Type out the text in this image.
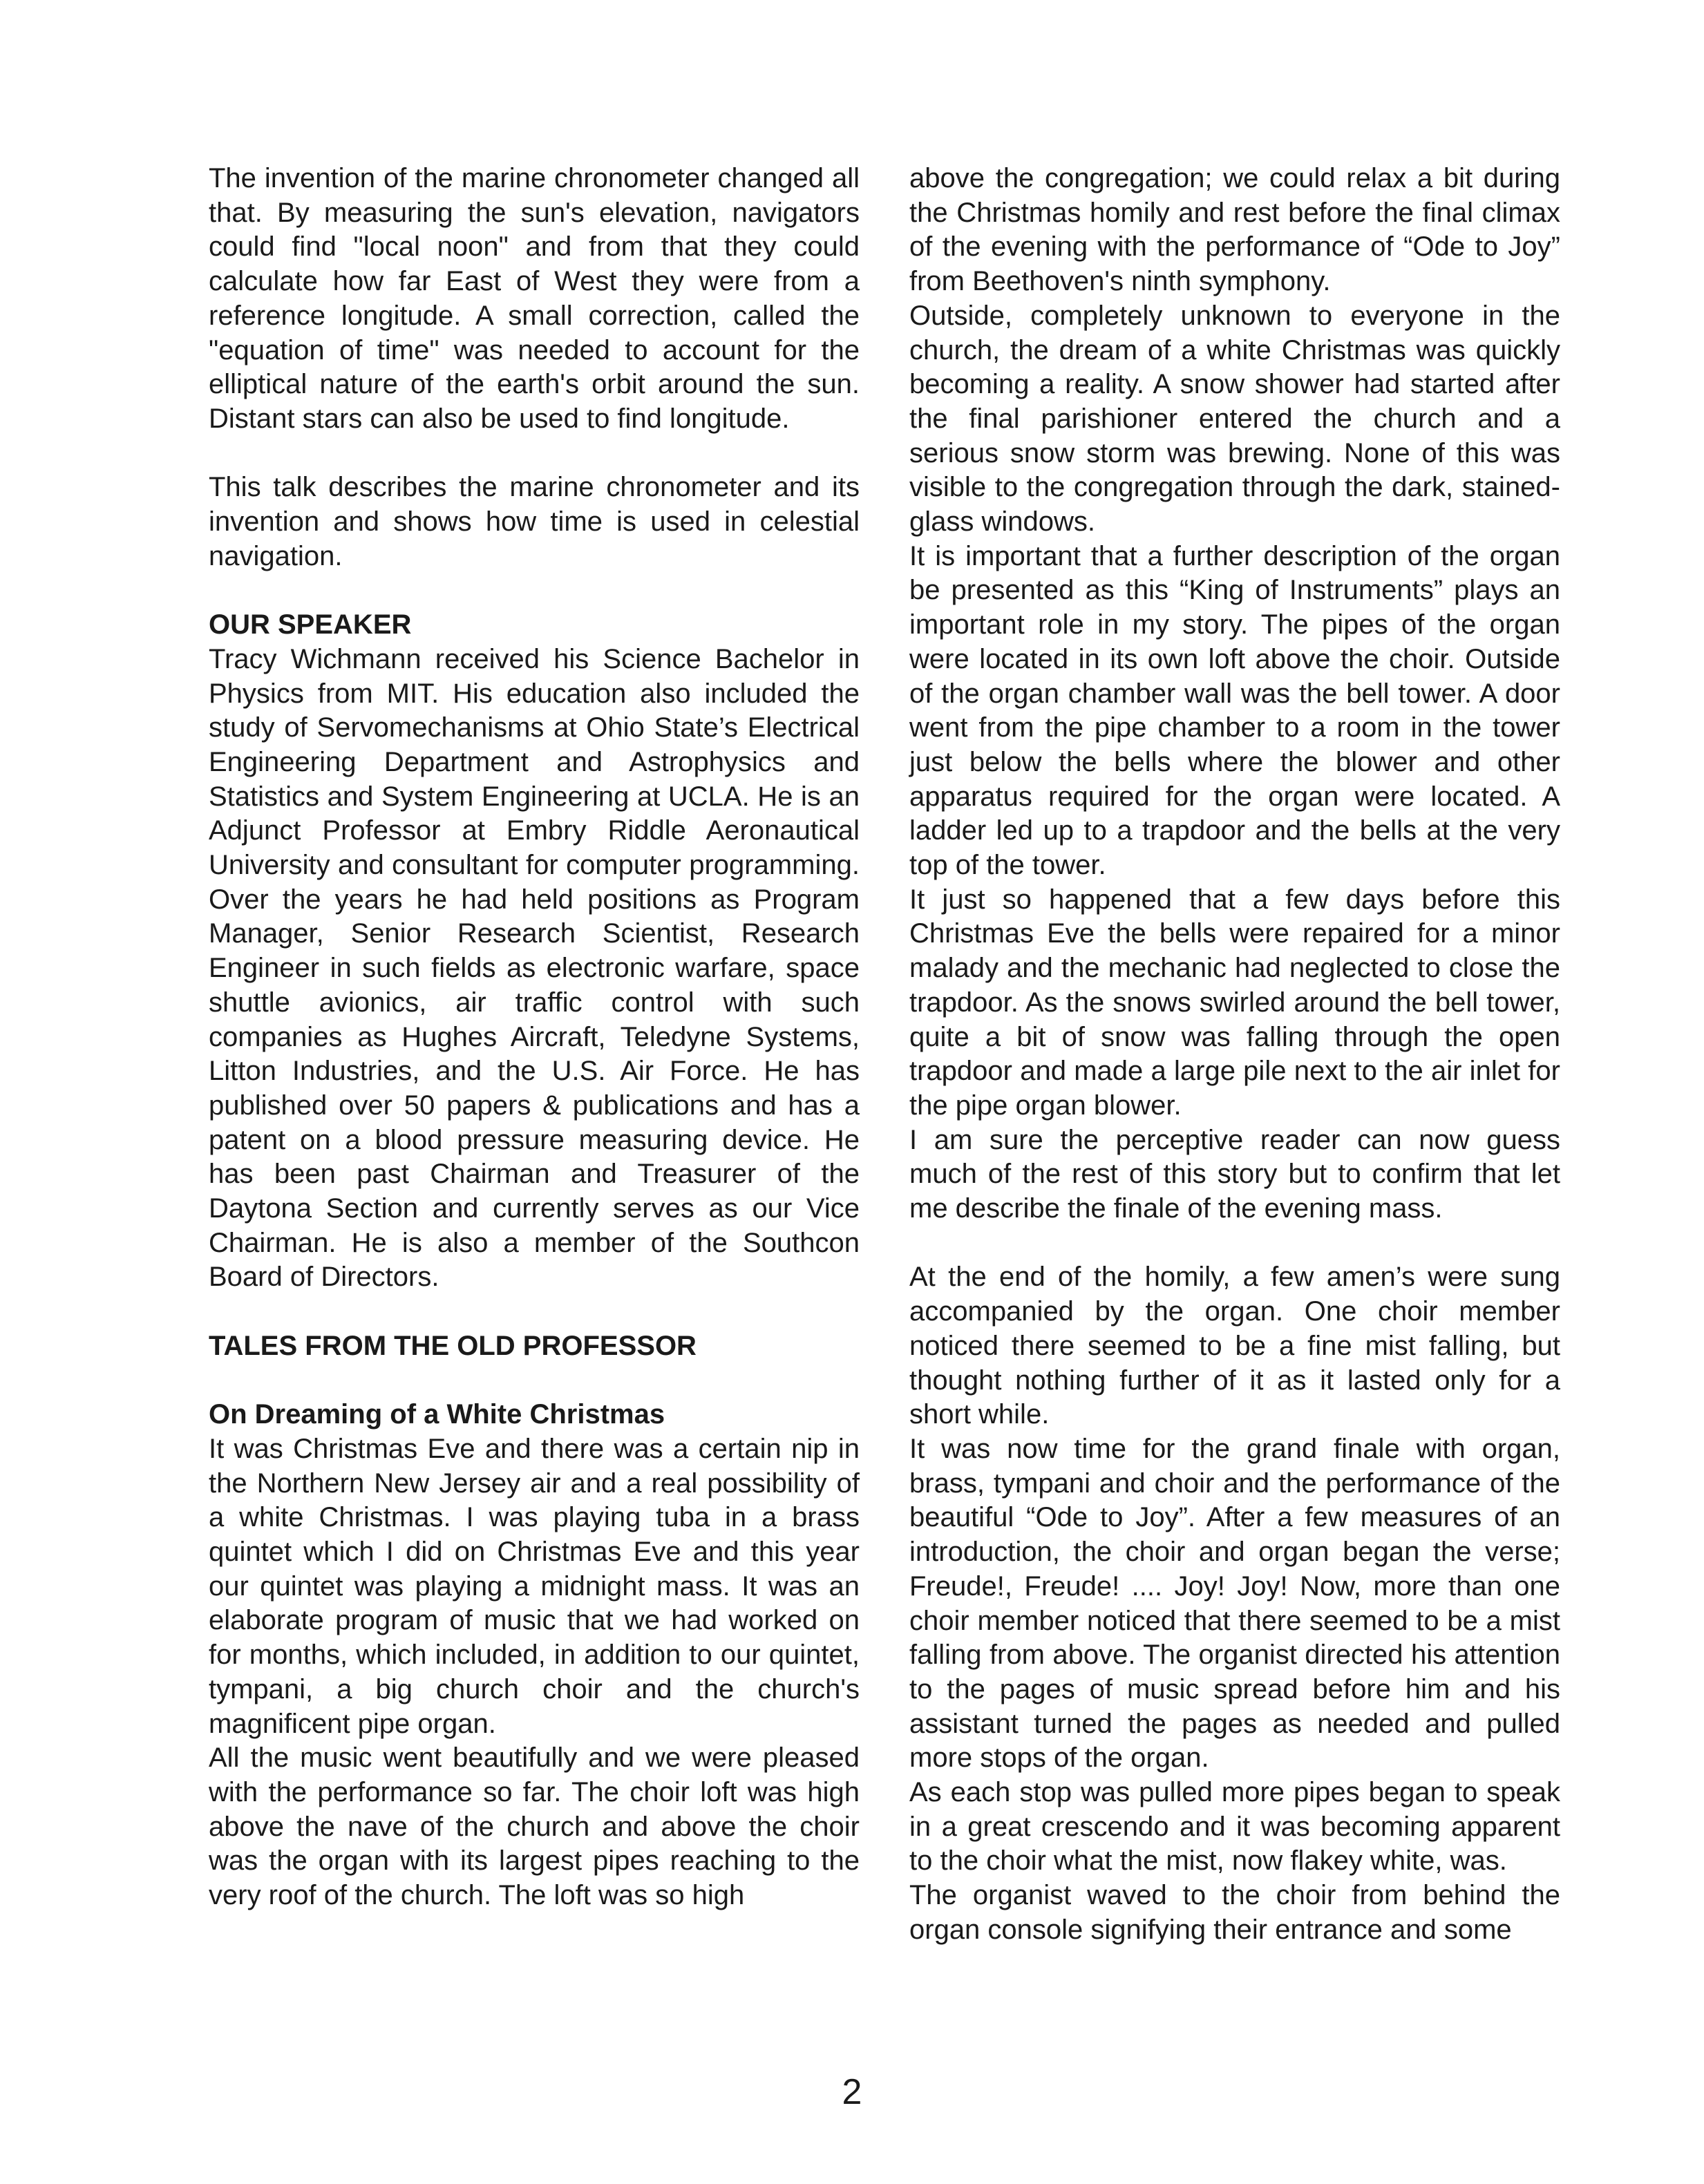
The invention of the marine chronometer changed all that. By measuring the sun's elevation, navigators could find "local noon" and from that they could calculate how far East of West they were from a reference longitude. A small correction, called the "equation of time" was needed to account for the elliptical nature of the earth's orbit around the sun. Distant stars can also be used to find longitude.

This talk describes the marine chronometer and its invention and shows how time is used in celestial navigation.

OUR SPEAKER

Tracy Wichmann received his Science Bachelor in Physics from MIT. His education also included the study of Servomechanisms at Ohio State’s Electrical Engineering Department and Astrophysics and Statistics and System Engineering at UCLA. He is an Adjunct Professor at Embry Riddle Aeronautical University and consultant for computer programming. Over the years he had held positions as Program Manager, Senior Research Scientist, Research Engineer in such fields as electronic warfare, space shuttle avionics, air traffic control with such companies as Hughes Aircraft, Teledyne Systems, Litton Industries, and the U.S. Air Force. He has published over 50 papers & publications and has a patent on a blood pressure measuring device. He has been past Chairman and Treasurer of the Daytona Section and currently serves as our Vice Chairman. He is also a member of the Southcon Board of Directors.

TALES FROM THE OLD PROFESSOR
On Dreaming of a White Christmas

It was Christmas Eve and there was a certain nip in the Northern New Jersey air and a real possibility of a white Christmas. I was playing tuba in a brass quintet which I did on Christmas Eve and this year our quintet was playing a midnight mass. It was an elaborate program of music that we had worked on for months, which included, in addition to our quintet, tympani, a big church choir and the church's magnificent pipe organ.

All the music went beautifully and we were pleased with the performance so far. The choir loft was high above the nave of the church and above the choir was the organ with its largest pipes reaching to the very roof of the church. The loft was so high

above the congregation; we could relax a bit during the Christmas homily and rest before the final climax of the evening with the performance of “Ode to Joy” from Beethoven's ninth symphony.

Outside, completely unknown to everyone in the church, the dream of a white Christmas was quickly becoming a reality. A snow shower had started after the final parishioner entered the church and a serious snow storm was brewing. None of this was visible to the congregation through the dark, stained-glass windows.

It is important that a further description of the organ be presented as this “King of Instruments” plays an important role in my story. The pipes of the organ were located in its own loft above the choir. Outside of the organ chamber wall was the bell tower. A door went from the pipe chamber to a room in the tower just below the bells where the blower and other apparatus required for the organ were located. A ladder led up to a trapdoor and the bells at the very top of the tower.

It just so happened that a few days before this Christmas Eve the bells were repaired for a minor malady and the mechanic had neglected to close the trapdoor. As the snows swirled around the bell tower, quite a bit of snow was falling through the open trapdoor and made a large pile next to the air inlet for the pipe organ blower.

I am sure the perceptive reader can now guess much of the rest of this story but to confirm that let me describe the finale of the evening mass.

At the end of the homily, a few amen’s were sung accompanied by the organ. One choir member noticed there seemed to be a fine mist falling, but thought nothing further of it as it lasted only for a short while.

It was now time for the grand finale with organ, brass, tympani and choir and the performance of the beautiful “Ode to Joy”. After a few measures of an introduction, the choir and organ began the verse; Freude!, Freude! .... Joy! Joy! Now, more than one choir member noticed that there seemed to be a mist falling from above. The organist directed his attention to the pages of music spread before him and his assistant turned the pages as needed and pulled more stops of the organ.

As each stop was pulled more pipes began to speak in a great crescendo and it was becoming apparent to the choir what the mist, now flakey white, was.

The organist waved to the choir from behind the organ console signifying their entrance and some

2
